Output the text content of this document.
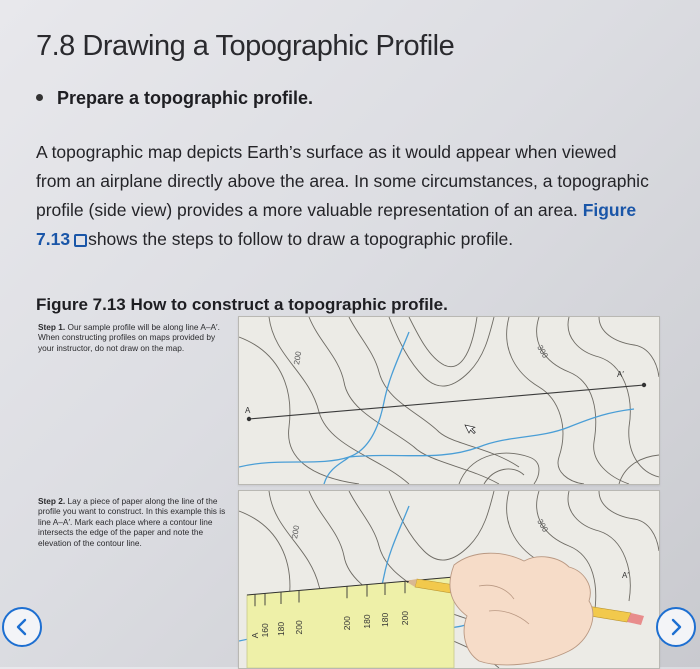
7.8 Drawing a Topographic Profile
Prepare a topographic profile.
A topographic map depicts Earth’s surface as it would appear when viewed from an airplane directly above the area. In some circumstances, a topographic profile (side view) provides a more valuable representation of an area. Figure 7.13 shows the steps to follow to draw a topographic profile.
Figure 7.13 How to construct a topographic profile.
Step 1. Our sample profile will be along line A–A′. When constructing profiles on maps provided by your instructor, do not draw on the map.
A
A′
200	300
Step 2. Lay a piece of paper along the line of the profile you want to construct. In this example this is line A–A′. Mark each place where a contour line intersects the edge of the paper and note the elevation of the contour line.
A 160 180 200	200 180 180 200
200	300
A′
